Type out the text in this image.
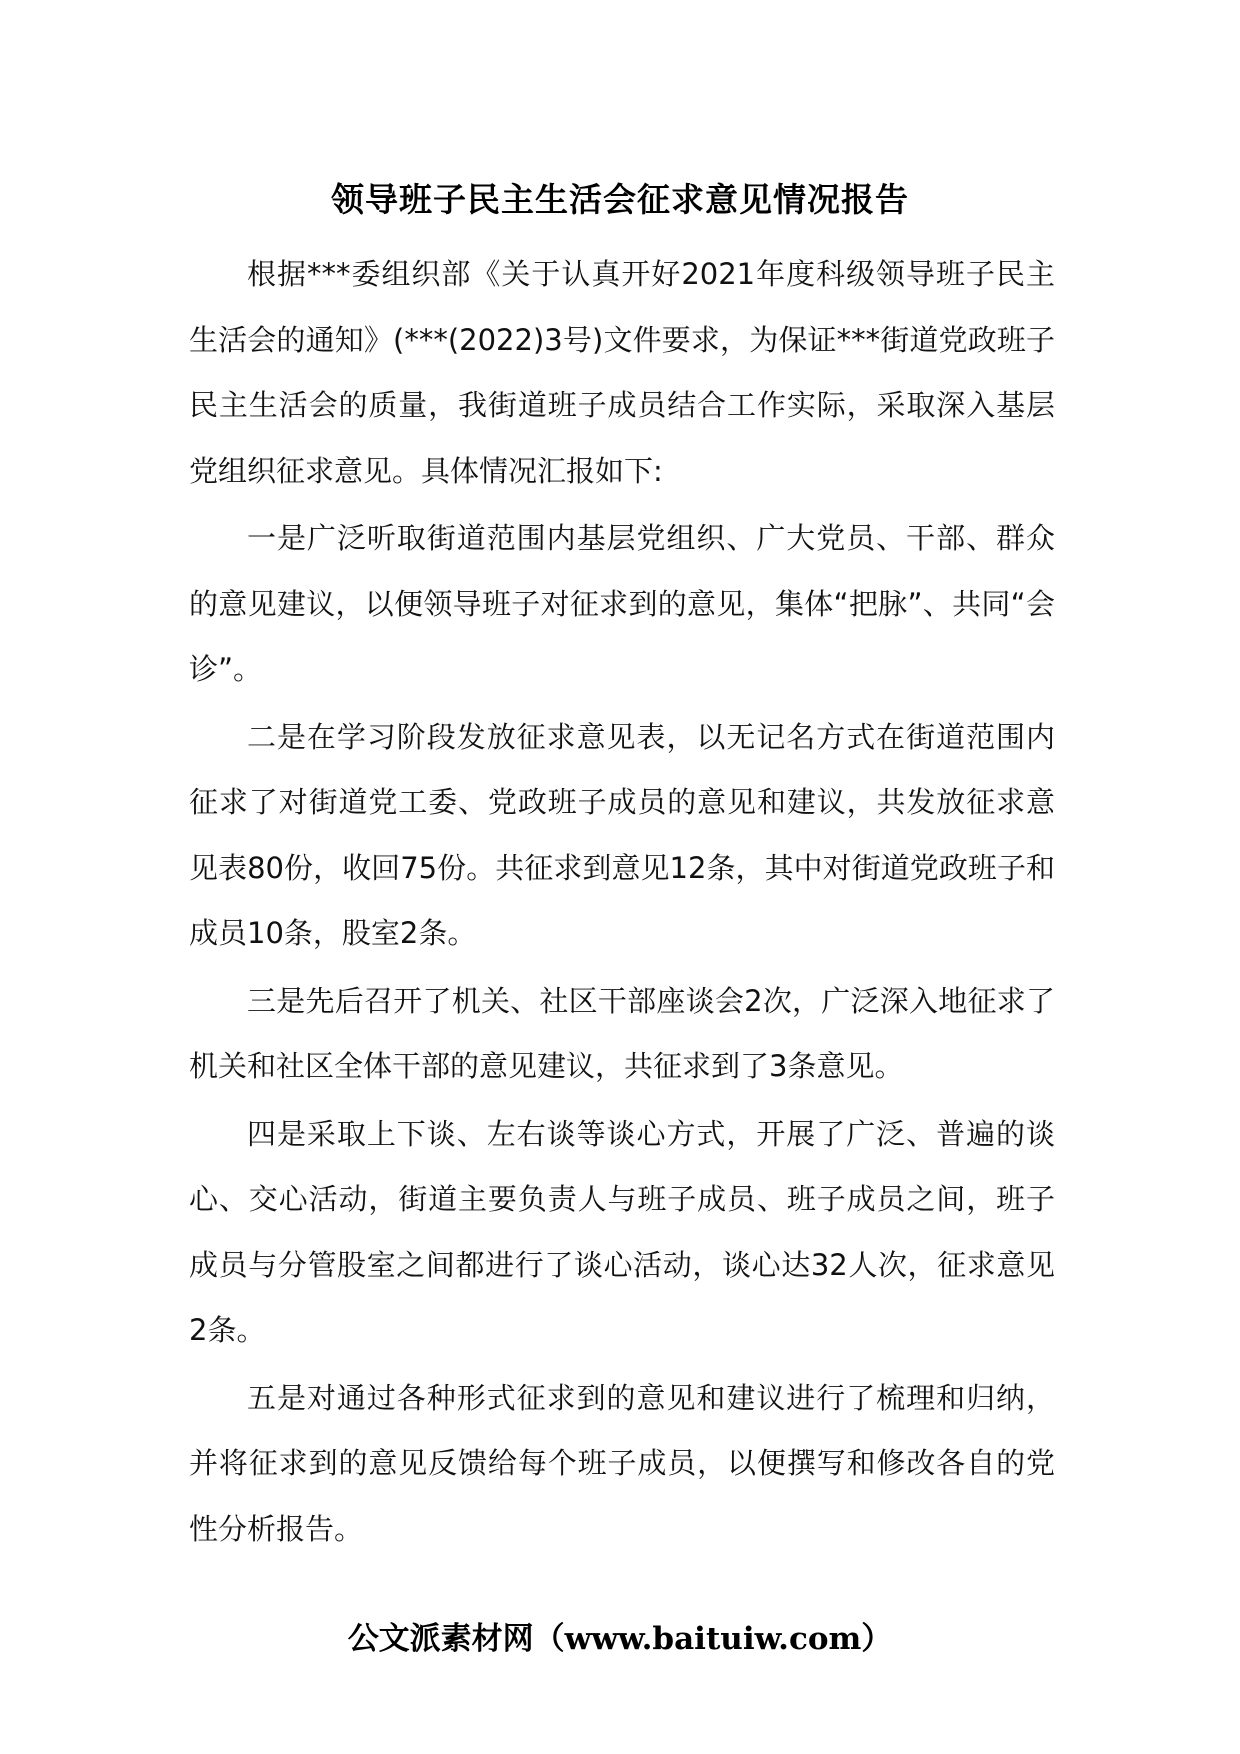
领导班子民主生活会征求意见情况报告

根据***委组织部《关于认真开好2021年度科级领导班子民主生活会的通知》(***(2022)3号)文件要求，为保证***街道党政班子民主生活会的质量，我街道班子成员结合工作实际，采取深入基层党组织征求意见。具体情况汇报如下:

一是广泛听取街道范围内基层党组织、广大党员、干部、群众的意见建议，以便领导班子对征求到的意见，集体“把脉”、共同“会诊”。

二是在学习阶段发放征求意见表，以无记名方式在街道范围内征求了对街道党工委、党政班子成员的意见和建议，共发放征求意见表80份，收回75份。共征求到意见12条，其中对街道党政班子和成员10条，股室2条。

三是先后召开了机关、社区干部座谈会2次，广泛深入地征求了机关和社区全体干部的意见建议，共征求到了3条意见。

四是采取上下谈、左右谈等谈心方式，开展了广泛、普遍的谈心、交心活动，街道主要负责人与班子成员、班子成员之间，班子成员与分管股室之间都进行了谈心活动，谈心达32人次，征求意见2条。

五是对通过各种形式征求到的意见和建议进行了梳理和归纳，并将征求到的意见反馈给每个班子成员，以便撰写和修改各自的党性分析报告。

公文派素材网（www.baituiw.com）
